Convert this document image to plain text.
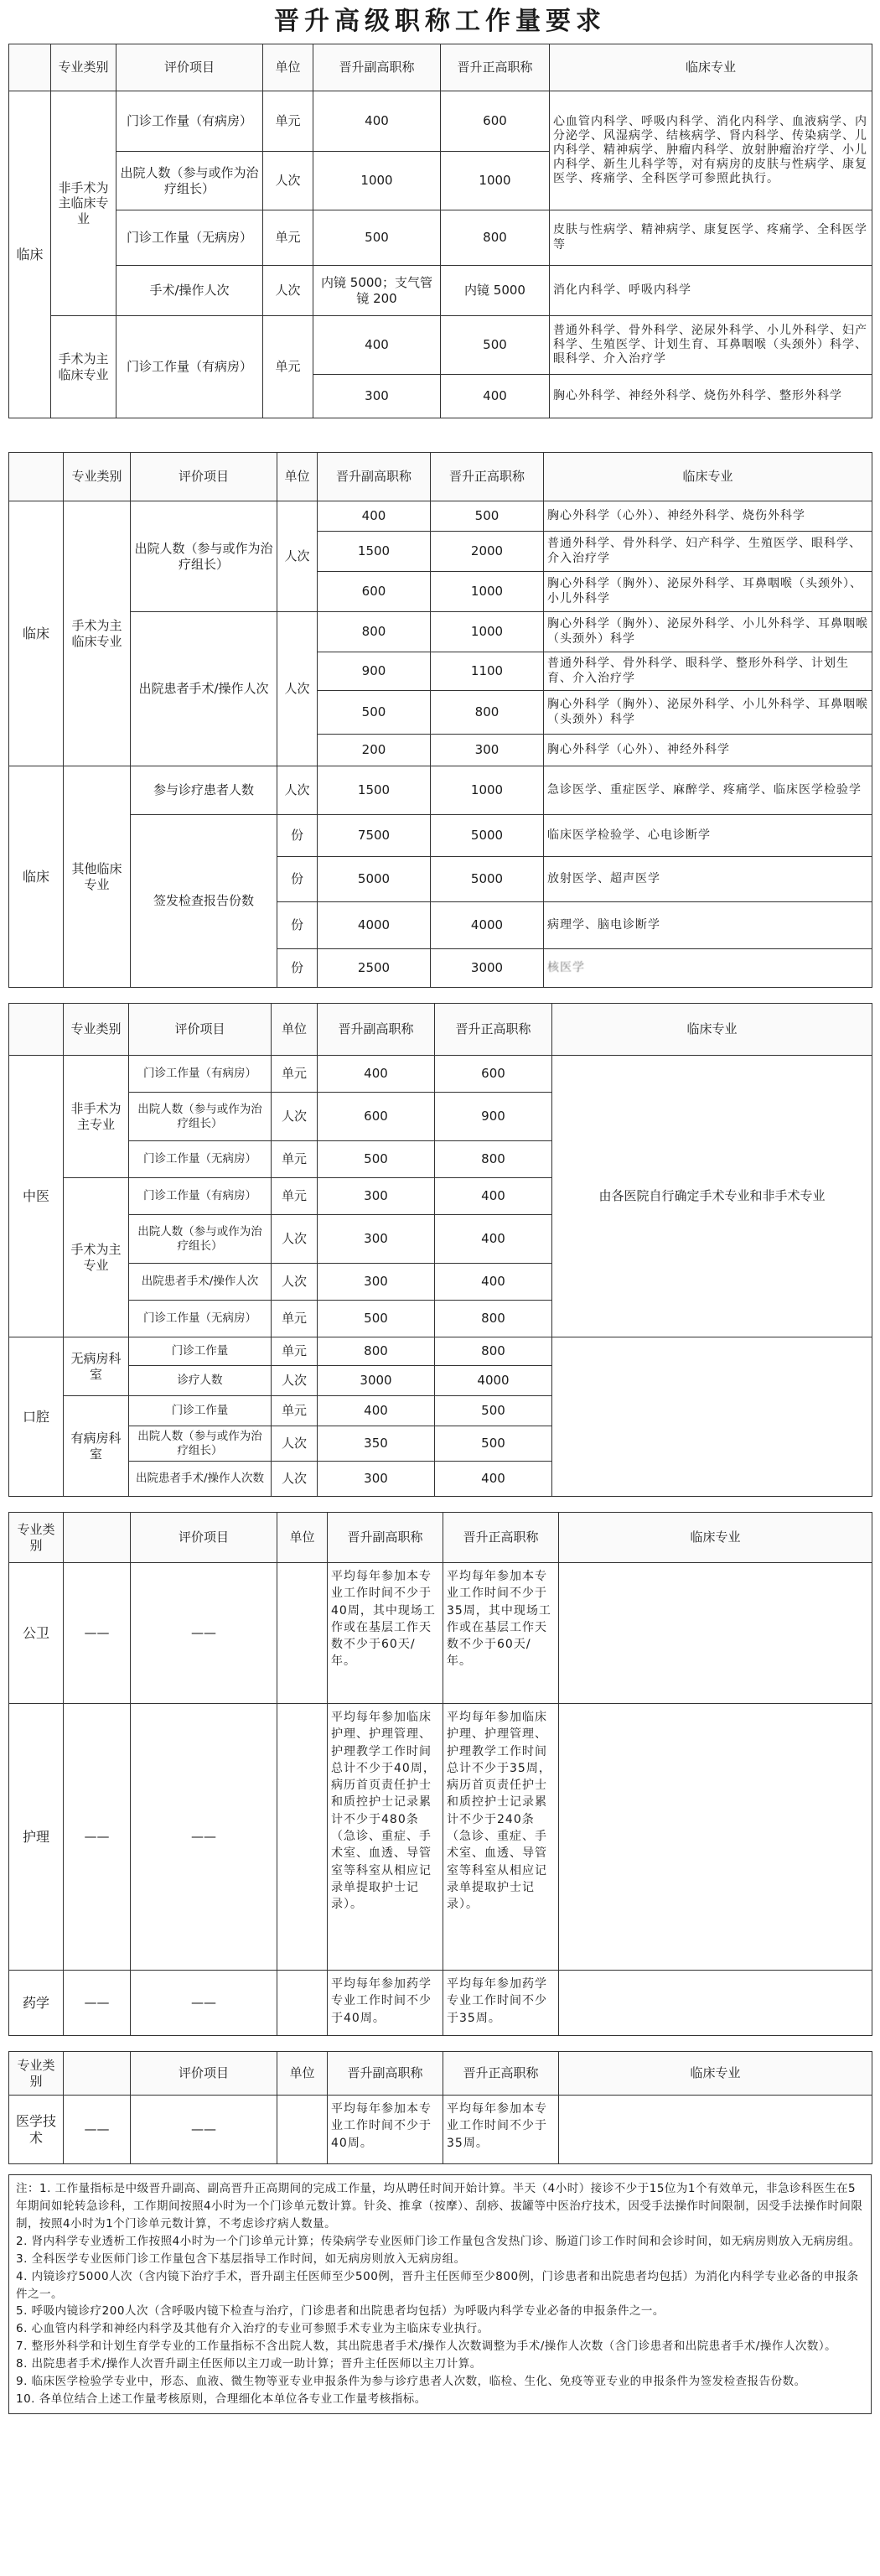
晋升高级职称工作量要求
	专业类别	评价项目	单位	晋升副高职称	晋升正高职称	临床专业
临床	非手术为主临床专业	门诊工作量（有病房）	单元	400	600	心血管内科学、呼吸内科学、消化内科学、血液病学、内分泌学、风湿病学、结核病学、肾内科学、传染病学、儿内科学、精神病学、肿瘤内科学、放射肿瘤治疗学、小儿内科学、新生儿科学等，对有病房的皮肤与性病学、康复医学、疼痛学、全科医学可参照此执行。
		出院人数（参与或作为治疗组长）	人次	1000	1000	
		门诊工作量（无病房）	单元	500	800	皮肤与性病学、精神病学、康复医学、疼痛学、全科医学等
		手术/操作人次	人次	内镜 5000；支气管镜 200	内镜 5000	消化内科学、呼吸内科学
	手术为主临床专业	门诊工作量（有病房）	单元	400	500	普通外科学、骨外科学、泌尿外科学、小儿外科学、妇产科学、生殖医学、计划生育、耳鼻咽喉（头颈外）科学、眼科学、介入治疗学
				300	400	胸心外科学、神经外科学、烧伤外科学、整形外科学
	专业类别	评价项目	单位	晋升副高职称	晋升正高职称	临床专业
临床	手术为主临床专业	出院人数（参与或作为治疗组长）	人次	400	500	胸心外科学（心外）、神经外科学、烧伤外科学
				1500	2000	普通外科学、骨外科学、妇产科学、生殖医学、眼科学、介入治疗学
				600	1000	胸心外科学（胸外）、泌尿外科学、耳鼻咽喉（头颈外）、小儿外科学
		出院患者手术/操作人次	人次	800	1000	胸心外科学（胸外）、泌尿外科学、小儿外科学、耳鼻咽喉（头颈外）科学
				900	1100	普通外科学、骨外科学、眼科学、整形外科学、计划生育、介入治疗学
				500	800	胸心外科学（胸外）、泌尿外科学、小儿外科学、耳鼻咽喉（头颈外）科学
				200	300	胸心外科学（心外）、神经外科学
临床	其他临床专业	参与诊疗患者人数	人次	1500	1000	急诊医学、重症医学、麻醉学、疼痛学、临床医学检验学
		签发检查报告份数	份	7500	5000	临床医学检验学、心电诊断学
			份	5000	5000	放射医学、超声医学
			份	4000	4000	病理学、脑电诊断学
			份	2500	3000	核医学
	专业类别	评价项目	单位	晋升副高职称	晋升正高职称	临床专业
中医	非手术为主专业	门诊工作量（有病房）	单元	400	600	由各医院自行确定手术专业和非手术专业
		出院人数（参与或作为治疗组长）	人次	600	900	
		门诊工作量（无病房）	单元	500	800	
	手术为主专业	门诊工作量（有病房）	单元	300	400	
		出院人数（参与或作为治疗组长）	人次	300	400	
		出院患者手术/操作人次	人次	300	400	
		门诊工作量（无病房）	单元	500	800	
口腔	无病房科室	门诊工作量	单元	800	800	
		诊疗人数	人次	3000	4000	
	有病房科室	门诊工作量	单元	400	500	
		出院人数（参与或作为治疗组长）	人次	350	500	
		出院患者手术/操作人次数	人次	300	400	
专业类别		评价项目	单位	晋升副高职称	晋升正高职称	临床专业
公卫	——	——		平均每年参加本专业工作时间不少于40周，其中现场工作或在基层工作天数不少于60天/年。	平均每年参加本专业工作时间不少于35周，其中现场工作或在基层工作天数不少于60天/年。	
护理	——	——		平均每年参加临床护理、护理管理、护理教学工作时间总计不少于40周，病历首页责任护士和质控护士记录累计不少于480条（急诊、重症、手术室、血透、导管室等科室从相应记录单提取护士记录）。	平均每年参加临床护理、护理管理、护理教学工作时间总计不少于35周，病历首页责任护士和质控护士记录累计不少于240条（急诊、重症、手术室、血透、导管室等科室从相应记录单提取护士记录）。	
药学	——	——		平均每年参加药学专业工作时间不少于40周。	平均每年参加药学专业工作时间不少于35周。	
专业类别		评价项目	单位	晋升副高职称	晋升正高职称	临床专业
医学技术	——	——		平均每年参加本专业工作时间不少于40周。	平均每年参加本专业工作时间不少于35周。	

注：1. 工作量指标是中级晋升副高、副高晋升正高期间的完成工作量，均从聘任时间开始计算。半天（4小时）接诊不少于15位为1个有效单元，非急诊科医生在5年期间如轮转急诊科，工作期间按照4小时为一个门诊单元数计算。针灸、推拿（按摩）、刮痧、拔罐等中医治疗技术，因受手法操作时间限制，因受手法操作时间限制，按照4小时为1个门诊单元数计算，不考虑诊疗病人数量。

2. 肾内科学专业透析工作按照4小时为一个门诊单元计算；传染病学专业医师门诊工作量包含发热门诊、肠道门诊工作时间和会诊时间，如无病房则放入无病房组。

3. 全科医学专业医师门诊工作量包含下基层指导工作时间，如无病房则放入无病房组。

4. 内镜诊疗5000人次（含内镜下治疗手术，晋升副主任医师至少500例，晋升主任医师至少800例，门诊患者和出院患者均包括）为消化内科学专业必备的申报条件之一。

5. 呼吸内镜诊疗200人次（含呼吸内镜下检查与治疗，门诊患者和出院患者均包括）为呼吸内科学专业必备的申报条件之一。

6. 心血管内科学和神经内科学及其他有介入治疗的专业可参照手术专业为主临床专业执行。

7. 整形外科学和计划生育学专业的工作量指标不含出院人数，其出院患者手术/操作人次数调整为手术/操作人次数（含门诊患者和出院患者手术/操作人次数）。

8. 出院患者手术/操作人次晋升副主任医师以主刀或一助计算；晋升主任医师以主刀计算。

9. 临床医学检验学专业中，形态、血液、微生物等亚专业申报条件为参与诊疗患者人次数，临检、生化、免疫等亚专业的申报条件为签发检查报告份数。

10. 各单位结合上述工作量考核原则，合理细化本单位各专业工作量考核指标。
